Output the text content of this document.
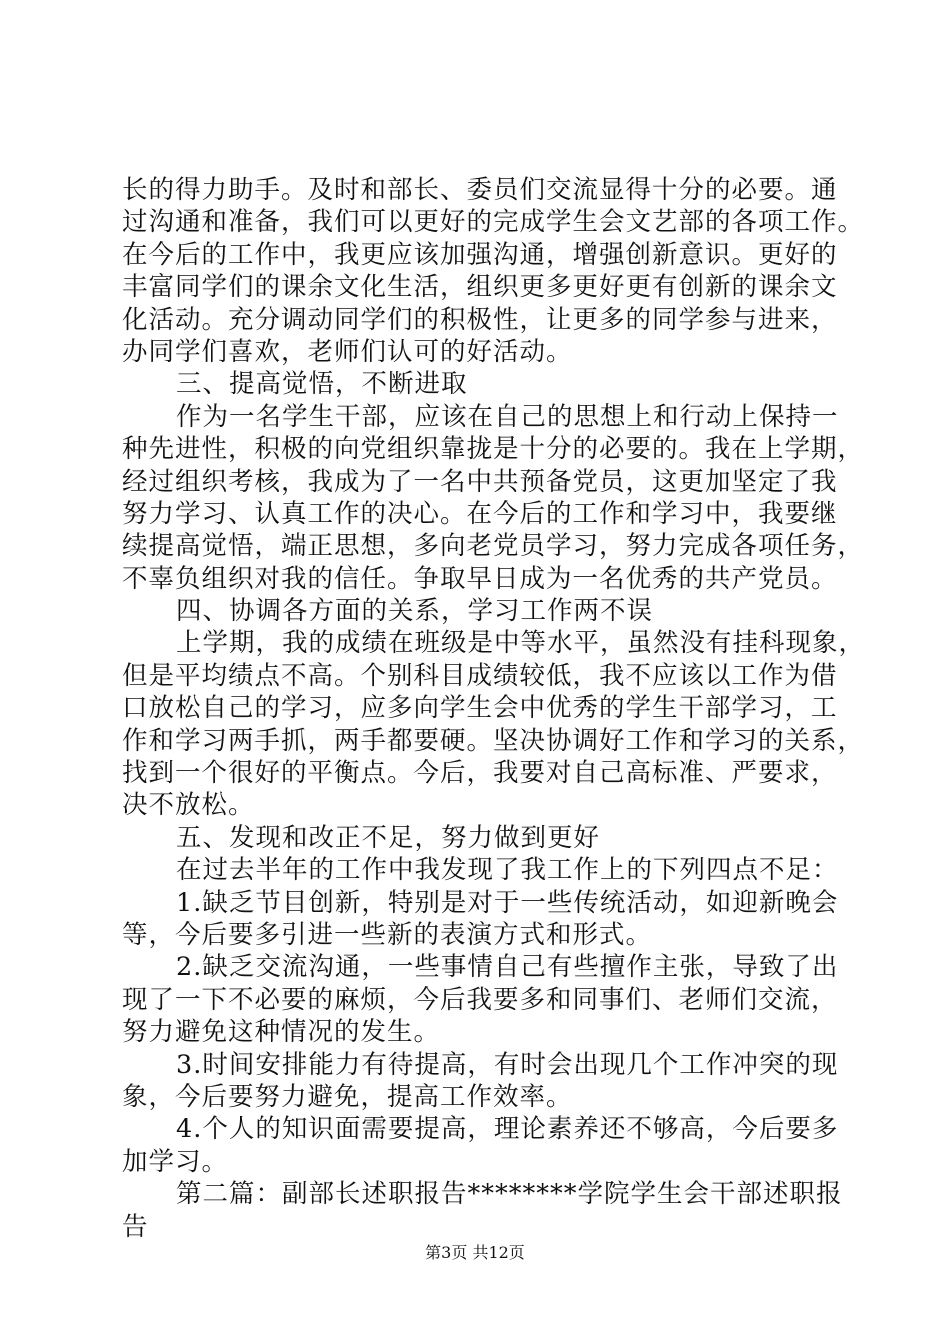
长的得力助手。及时和部长、委员们交流显得十分的必要。通
过沟通和准备，我们可以更好的完成学生会文艺部的各项工作。
在今后的工作中，我更应该加强沟通，增强创新意识。更好的
丰富同学们的课余文化生活，组织更多更好更有创新的课余文
化活动。充分调动同学们的积极性，让更多的同学参与进来，
办同学们喜欢，老师们认可的好活动。
三、提高觉悟，不断进取
作为一名学生干部，应该在自己的思想上和行动上保持一
种先进性，积极的向党组织靠拢是十分的必要的。我在上学期，
经过组织考核，我成为了一名中共预备党员，这更加坚定了我
努力学习、认真工作的决心。在今后的工作和学习中，我要继
续提高觉悟，端正思想，多向老党员学习，努力完成各项任务，
不辜负组织对我的信任。争取早日成为一名优秀的共产党员。
四、协调各方面的关系，学习工作两不误
上学期，我的成绩在班级是中等水平，虽然没有挂科现象，
但是平均绩点不高。个别科目成绩较低，我不应该以工作为借
口放松自己的学习，应多向学生会中优秀的学生干部学习，工
作和学习两手抓，两手都要硬。坚决协调好工作和学习的关系，
找到一个很好的平衡点。今后，我要对自己高标准、严要求，
决不放松。
五、发现和改正不足，努力做到更好
在过去半年的工作中我发现了我工作上的下列四点不足：
1.缺乏节目创新，特别是对于一些传统活动，如迎新晚会
等，今后要多引进一些新的表演方式和形式。
2.缺乏交流沟通，一些事情自己有些擅作主张，导致了出
现了一下不必要的麻烦，今后我要多和同事们、老师们交流，
努力避免这种情况的发生。
3.时间安排能力有待提高，有时会出现几个工作冲突的现
象，今后要努力避免，提高工作效率。
4.个人的知识面需要提高，理论素养还不够高，今后要多
加学习。
第二篇：副部长述职报告********学院学生会干部述职报
告
第3页 共12页
